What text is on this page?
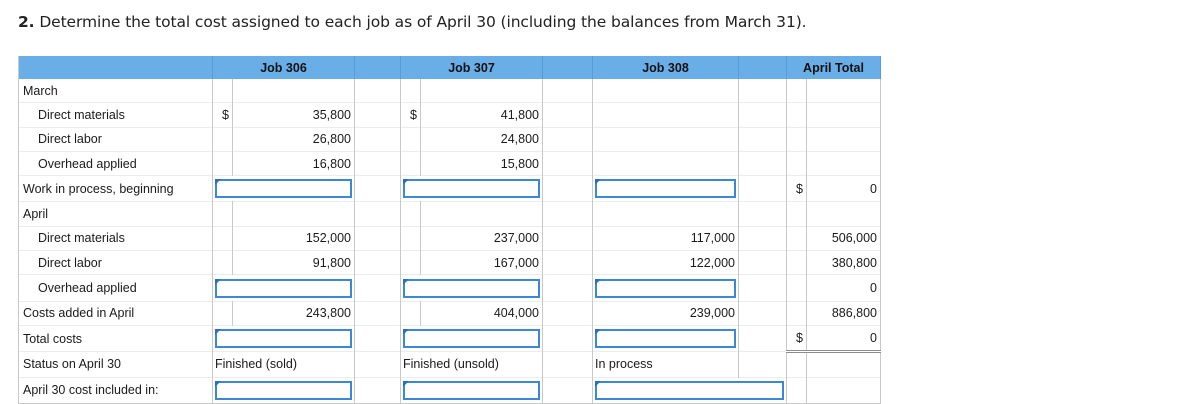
2. Determine the total cost assigned to each job as of April 30 (including the balances from March 31).
	Job 306			Job 307			Job 308		April Total	
March										
Direct materials	$	35,800		$	41,800					
Direct labor		26,800			24,800					
Overhead applied		16,800			15,800					
Work in process, beginning									$	0
April										
Direct materials		152,000			237,000		117,000			506,000
Direct labor		91,800			167,000		122,000			380,800
Overhead applied										0
Costs added in April		243,800			404,000		239,000			886,800
Total costs									$	0
Status on April 30	Finished (sold)			Finished (unsold)			In process			
April 30 cost included in:				
